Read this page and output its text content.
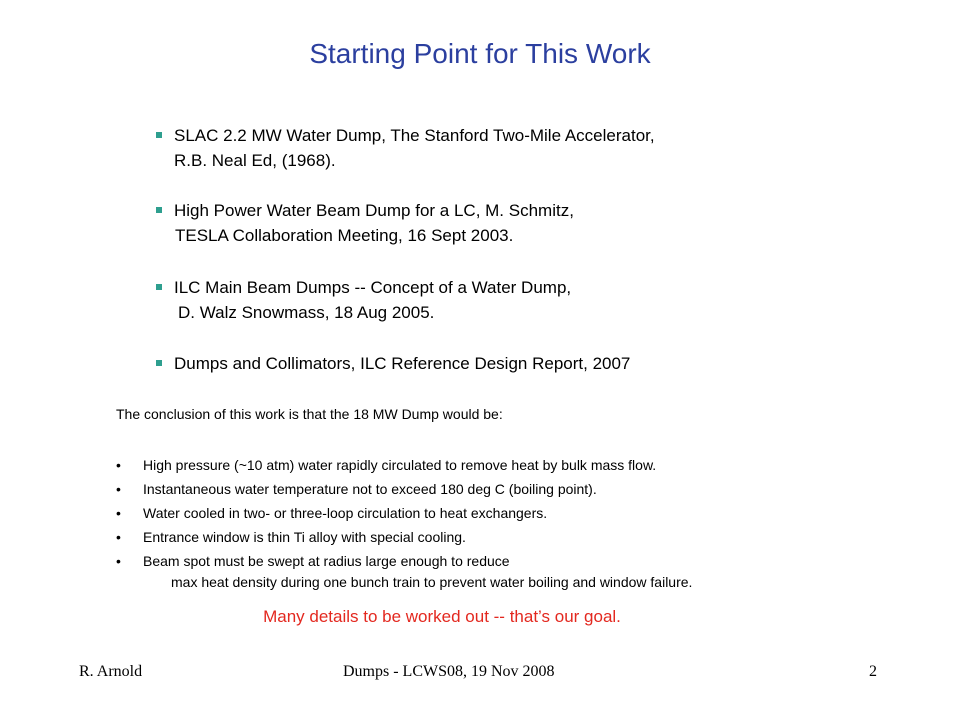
Starting Point for This Work
SLAC 2.2 MW Water Dump, The Stanford Two-Mile Accelerator,
R.B. Neal Ed, (1968).
High Power Water Beam Dump for a LC, M. Schmitz,
TESLA Collaboration Meeting, 16 Sept 2003.
ILC Main Beam Dumps -- Concept of a Water Dump,
D. Walz Snowmass, 18 Aug 2005.
Dumps and Collimators, ILC Reference Design Report, 2007
The conclusion of this work is that the 18 MW Dump would be:
• High pressure (~10 atm) water rapidly circulated to remove heat by bulk mass flow.
• Instantaneous water temperature not to exceed 180 deg C (boiling point).
• Water cooled in two- or three-loop circulation to heat exchangers.
• Entrance window is thin Ti alloy with special cooling.
• Beam spot must be swept at radius large enough to reduce
max heat density during one bunch train to prevent water boiling and window failure.
Many details to be worked out -- that’s our goal.
R. Arnold	Dumps - LCWS08, 19 Nov 2008	2
